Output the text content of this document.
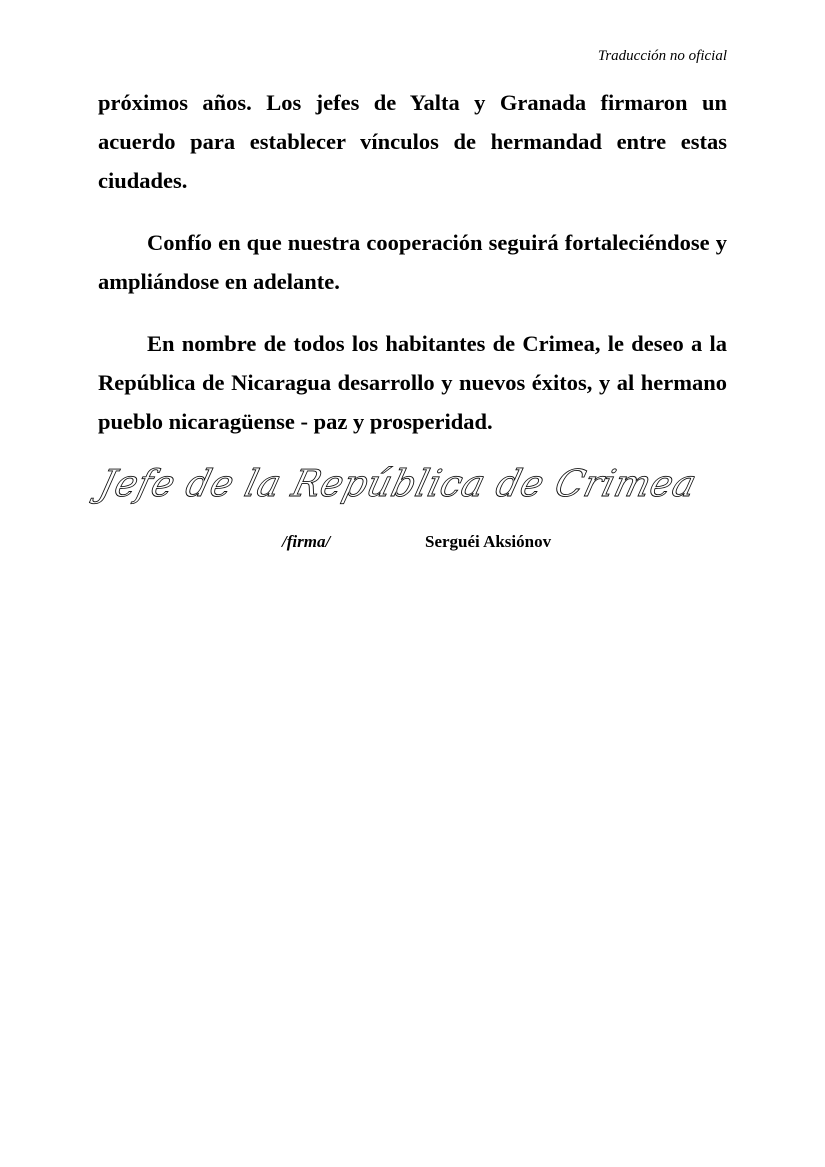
Traducción no oficial

próximos años. Los jefes de Yalta y Granada firmaron un acuerdo para establecer vínculos de hermandad entre estas ciudades.

Confío en que nuestra cooperación seguirá fortaleciéndose y ampliándose en adelante.

En nombre de todos los habitantes de Crimea, le deseo a la República de Nicaragua desarrollo y nuevos éxitos, y al hermano pueblo nicaragüense - paz y prosperidad.

Jefe de la República de Crimea
/firma/	Serguéi Aksiónov
